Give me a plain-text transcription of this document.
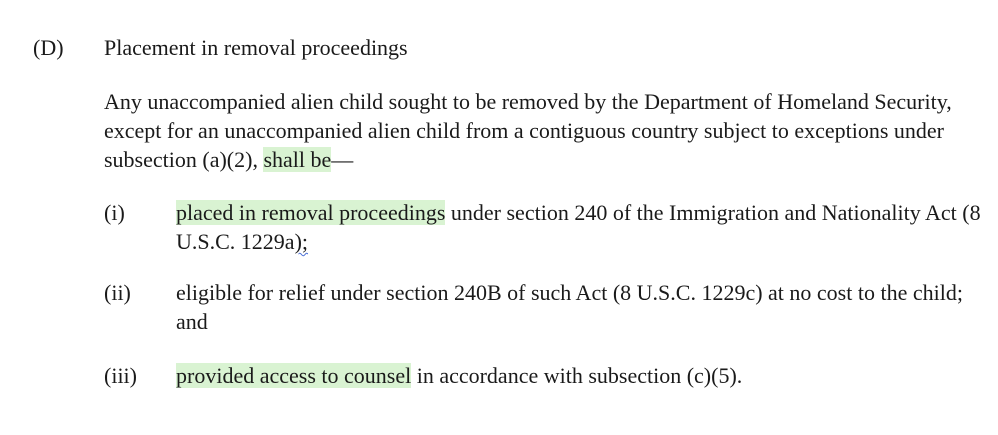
(D) Placement in removal proceedings
Any unaccompanied alien child sought to be removed by the Department of Homeland Security, except for an unaccompanied alien child from a contiguous country subject to exceptions under subsection (a)(2), shall be—
(i) placed in removal proceedings under section 240 of the Immigration and Nationality Act (8 U.S.C. 1229a);
(ii) eligible for relief under section 240B of such Act (8 U.S.C. 1229c) at no cost to the child; and
(iii) provided access to counsel in accordance with subsection (c)(5).
